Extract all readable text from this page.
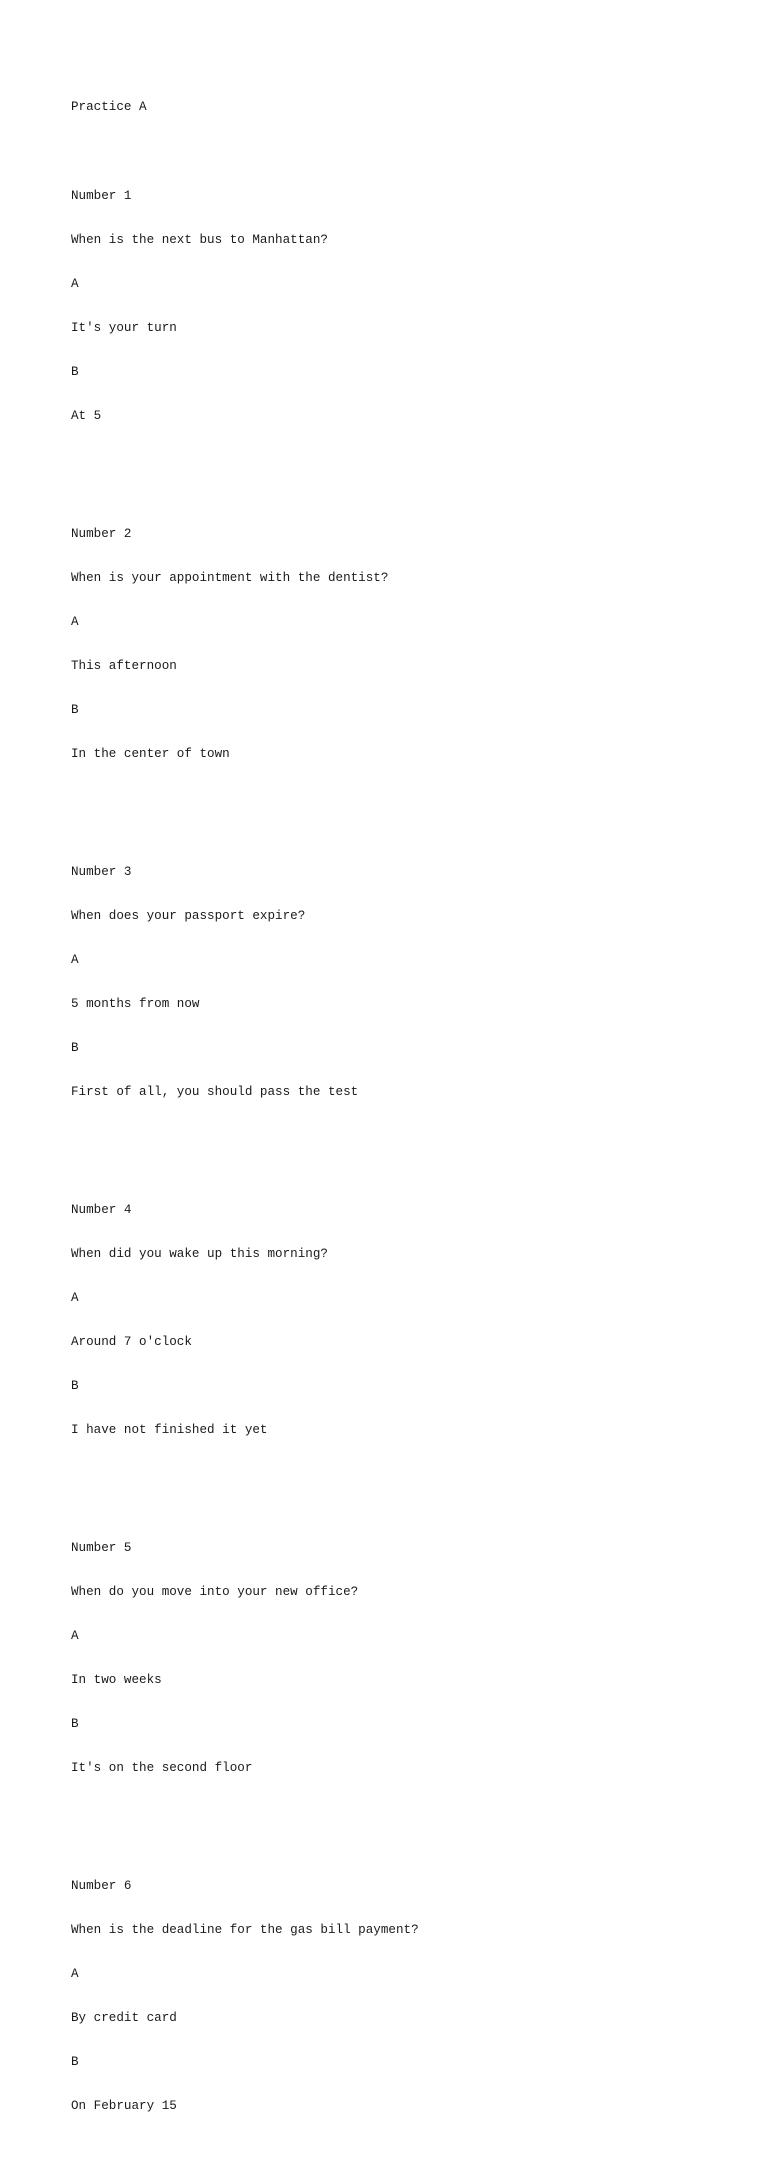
Practice A

Number 1

When is the next bus to Manhattan?

A

It's your turn

B

At 5

Number 2

When is your appointment with the dentist?

A

This afternoon

B

In the center of town

Number 3

When does your passport expire?

A

5 months from now

B

First of all, you should pass the test

Number 4

When did you wake up this morning?

A

Around 7 o'clock

B

I have not finished it yet

Number 5

When do you move into your new office?

A

In two weeks

B

It's on the second floor

Number 6

When is the deadline for the gas bill payment?

A

By credit card

B

On February 15
